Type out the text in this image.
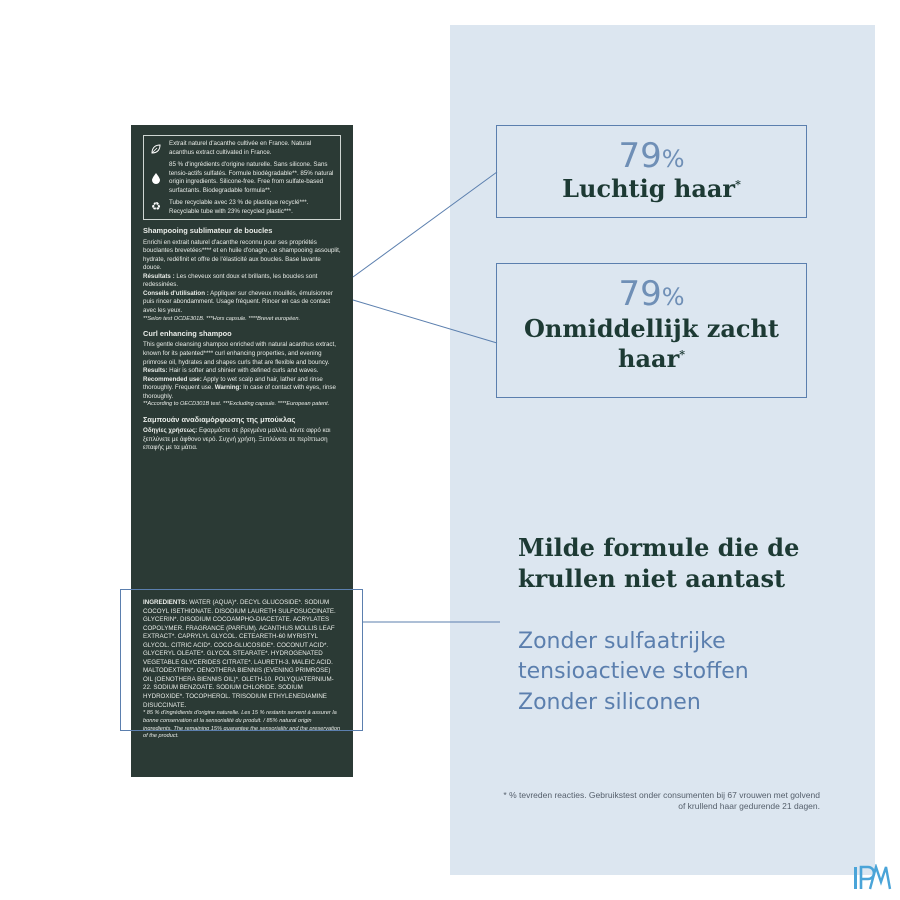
Extrait naturel d'acanthe cultivée en France. Natural acanthus extract cultivated in France.
85 % d'ingrédients d'origine naturelle. Sans silicone. Sans tensio-actifs sulfatés. Formule biodégradable**. 85% natural origin ingredients. Silicone-free. Free from sulfate-based surfactants. Biodegradable formula**.
♻	Tube recyclable avec 23 % de plastique recyclé***. Recyclable tube with 23% recycled plastic***.
Shampooing sublimateur de boucles

Enrichi en extrait naturel d'acanthe reconnu pour ses propriétés bouclantes brevetées**** et en huile d'onagre, ce shampooing assouplit, hydrate, redéfinit et offre de l'élasticité aux boucles. Base lavante douce.

Résultats : Les cheveux sont doux et brillants, les boucles sont redessinées.

Conseils d'utilisation : Appliquer sur cheveux mouillés, émulsionner puis rincer abondamment. Usage fréquent. Rincer en cas de contact avec les yeux.

**Selon test OCDE301B. ***Hors capsule. ****Brevet européen.

Curl enhancing shampoo

This gentle cleansing shampoo enriched with natural acanthus extract, known for its patented**** curl enhancing properties, and evening primrose oil, hydrates and shapes curls that are flexible and bouncy.

Results: Hair is softer and shinier with defined curls and waves.

Recommended use: Apply to wet scalp and hair, lather and rinse thoroughly. Frequent use. Warning: In case of contact with eyes, rinse thoroughly.

**According to OECD301B test. ***Excluding capsule. ****European patent.

Σαμπουάν αναδιαμόρφωσης της μπούκλας

Οδηγίες χρήσεως: Εφαρμόστε σε βρεγμένα μαλλιά, κάντε αφρό και ξεπλύνετε με άφθονο νερό. Συχνή χρήση. Ξεπλύνετε σε περίπτωση επαφής με τα μάτια.

INGREDIENTS: WATER (AQUA)*. DECYL GLUCOSIDE*. SODIUM COCOYL ISETHIONATE. DISODIUM LAURETH SULFOSUCCINATE. GLYCERIN*. DISODIUM COCOAMPHO-DIACETATE. ACRYLATES COPOLYMER. FRAGRANCE (PARFUM). ACANTHUS MOLLIS LEAF EXTRACT*. CAPRYLYL GLYCOL. CETEARETH-60 MYRISTYL GLYCOL. CITRIC ACID*. COCO-GLUCOSIDE*. COCONUT ACID*. GLYCERYL OLEATE*. GLYCOL STEARATE*. HYDROGENATED VEGETABLE GLYCERIDES CITRATE*. LAURETH-3. MALEIC ACID. MALTODEXTRIN*. OENOTHERA BIENNIS (EVENING PRIMROSE) OIL (OENOTHERA BIENNIS OIL)*. OLETH-10. POLYQUATERNIUM-22. SODIUM BENZOATE. SODIUM CHLORIDE. SODIUM HYDROXIDE*. TOCOPHEROL. TRISODIUM ETHYLENEDIAMINE DISUCCINATE.

* 85 % d'ingrédients d'origine naturelle. Les 15 % restants servent à assurer la bonne conservation et la sensorialité du produit. / 85% natural origin ingredients. The remaining 15% guarantee the sensoriality and the preservation of the product.

79%
Luchtig haar*
79%
Onmiddellijk zacht haar*
Milde formule die de krullen niet aantast
Zonder sulfaatrijke tensioactieve stoffen
Zonder siliconen
* % tevreden reacties. Gebruikstest onder consumenten bij 67 vrouwen met golvend of krullend haar gedurende 21 dagen.
